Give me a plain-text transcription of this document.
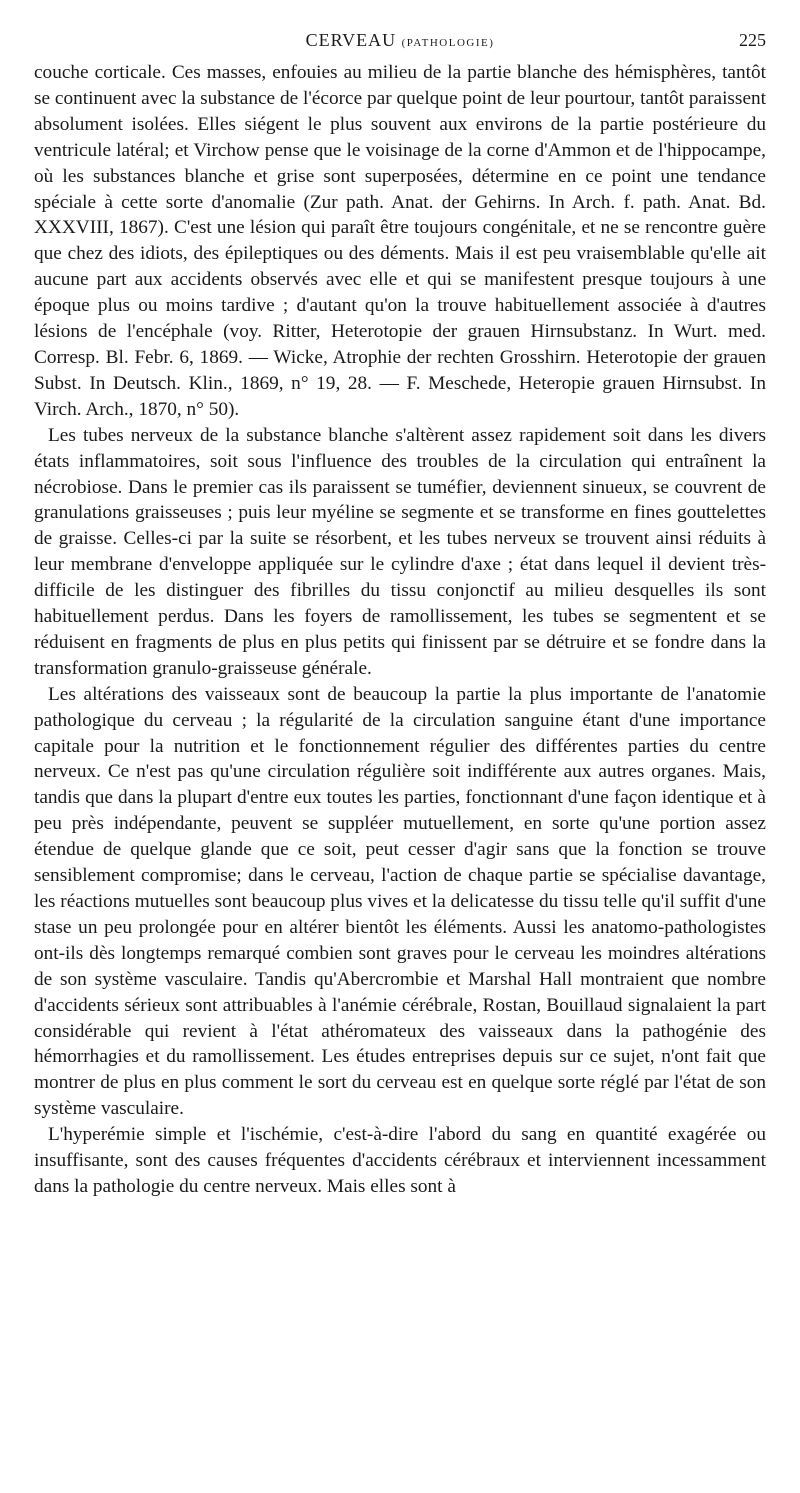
CERVEAU (PATHOLOGIE)	225

couche corticale. Ces masses, enfouies au milieu de la partie blanche des hémisphères, tantôt se continuent avec la substance de l'écorce par quelque point de leur pourtour, tantôt paraissent absolument isolées. Elles siégent le plus souvent aux environs de la partie postérieure du ventricule latéral; et Virchow pense que le voisinage de la corne d'Ammon et de l'hippocampe, où les substances blanche et grise sont superposées, détermine en ce point une tendance spéciale à cette sorte d'anomalie (Zur path. Anat. der Gehirns. In Arch. f. path. Anat. Bd. XXXVIII, 1867). C'est une lésion qui paraît être toujours congénitale, et ne se rencontre guère que chez des idiots, des épileptiques ou des déments. Mais il est peu vraisemblable qu'elle ait aucune part aux accidents observés avec elle et qui se manifestent presque toujours à une époque plus ou moins tardive ; d'autant qu'on la trouve habituellement associée à d'autres lésions de l'encéphale (voy. Ritter, Heterotopie der grauen Hirnsubstanz. In Wurt. med. Corresp. Bl. Febr. 6, 1869. — Wicke, Atrophie der rechten Grosshirn. Heterotopie der grauen Subst. In Deutsch. Klin., 1869, n° 19, 28. — F. Meschede, Heteropie grauen Hirnsubst. In Virch. Arch., 1870, n° 50).

Les tubes nerveux de la substance blanche s'altèrent assez rapidement soit dans les divers états inflammatoires, soit sous l'influence des troubles de la circulation qui entraînent la nécrobiose. Dans le premier cas ils paraissent se tuméfier, deviennent sinueux, se couvrent de granulations graisseuses ; puis leur myéline se segmente et se transforme en fines gouttelettes de graisse. Celles-ci par la suite se résorbent, et les tubes nerveux se trouvent ainsi réduits à leur membrane d'enveloppe appliquée sur le cylindre d'axe ; état dans lequel il devient très-difficile de les distinguer des fibrilles du tissu conjonctif au milieu desquelles ils sont habituellement perdus. Dans les foyers de ramollissement, les tubes se segmentent et se réduisent en fragments de plus en plus petits qui finissent par se détruire et se fondre dans la transformation granulo-graisseuse générale.

Les altérations des vaisseaux sont de beaucoup la partie la plus importante de l'anatomie pathologique du cerveau ; la régularité de la circulation sanguine étant d'une importance capitale pour la nutrition et le fonctionnement régulier des différentes parties du centre nerveux. Ce n'est pas qu'une circulation régulière soit indifférente aux autres organes. Mais, tandis que dans la plupart d'entre eux toutes les parties, fonctionnant d'une façon identique et à peu près indépendante, peuvent se suppléer mutuellement, en sorte qu'une portion assez étendue de quelque glande que ce soit, peut cesser d'agir sans que la fonction se trouve sensiblement compromise; dans le cerveau, l'action de chaque partie se spécialise davantage, les réactions mutuelles sont beaucoup plus vives et la delicatesse du tissu telle qu'il suffit d'une stase un peu prolongée pour en altérer bientôt les éléments. Aussi les anatomo-pathologistes ont-ils dès longtemps remarqué combien sont graves pour le cerveau les moindres altérations de son système vasculaire. Tandis qu'Abercrombie et Marshal Hall montraient que nombre d'accidents sérieux sont attribuables à l'anémie cérébrale, Rostan, Bouillaud signalaient la part considérable qui revient à l'état athéromateux des vaisseaux dans la pathogénie des hémorrhagies et du ramollissement. Les études entreprises depuis sur ce sujet, n'ont fait que montrer de plus en plus comment le sort du cerveau est en quelque sorte réglé par l'état de son système vasculaire.

L'hyperémie simple et l'ischémie, c'est-à-dire l'abord du sang en quantité exagérée ou insuffisante, sont des causes fréquentes d'accidents cérébraux et interviennent incessamment dans la pathologie du centre nerveux. Mais elles sont à
